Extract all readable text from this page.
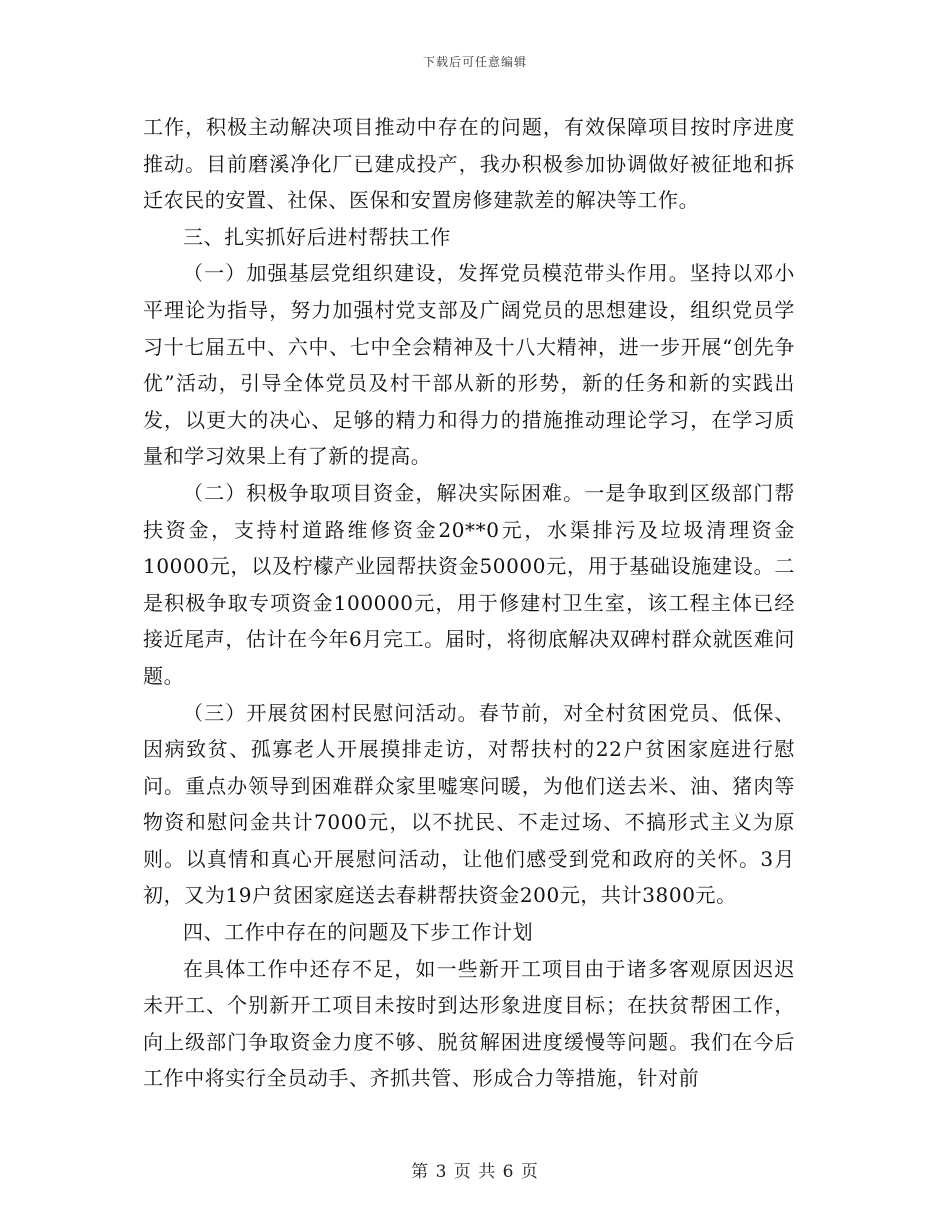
下载后可任意编辑

工作，积极主动解决项目推动中存在的问题，有效保障项目按时序进度推动。目前磨溪净化厂已建成投产，我办积极参加协调做好被征地和拆迁农民的安置、社保、医保和安置房修建款差的解决等工作。

三、扎实抓好后进村帮扶工作

（一）加强基层党组织建设，发挥党员模范带头作用。坚持以邓小平理论为指导，努力加强村党支部及广阔党员的思想建设，组织党员学习十七届五中、六中、七中全会精神及十八大精神，进一步开展“创先争优”活动，引导全体党员及村干部从新的形势，新的任务和新的实践出发，以更大的决心、足够的精力和得力的措施推动理论学习，在学习质量和学习效果上有了新的提高。

（二）积极争取项目资金，解决实际困难。一是争取到区级部门帮扶资金，支持村道路维修资金20**0元，水渠排污及垃圾清理资金10000元，以及柠檬产业园帮扶资金50000元，用于基础设施建设。二是积极争取专项资金100000元，用于修建村卫生室，该工程主体已经接近尾声，估计在今年6月完工。届时，将彻底解决双碑村群众就医难问题。

（三）开展贫困村民慰问活动。春节前，对全村贫困党员、低保、因病致贫、孤寡老人开展摸排走访，对帮扶村的22户贫困家庭进行慰问。重点办领导到困难群众家里嘘寒问暖，为他们送去米、油、猪肉等物资和慰问金共计7000元，以不扰民、不走过场、不搞形式主义为原则。以真情和真心开展慰问活动，让他们感受到党和政府的关怀。3月初，又为19户贫困家庭送去春耕帮扶资金200元，共计3800元。

四、工作中存在的问题及下步工作计划

在具体工作中还存不足，如一些新开工项目由于诸多客观原因迟迟未开工、个别新开工项目未按时到达形象进度目标；在扶贫帮困工作，向上级部门争取资金力度不够、脱贫解困进度缓慢等问题。我们在今后工作中将实行全员动手、齐抓共管、形成合力等措施，针对前

第 3 页 共 6 页
